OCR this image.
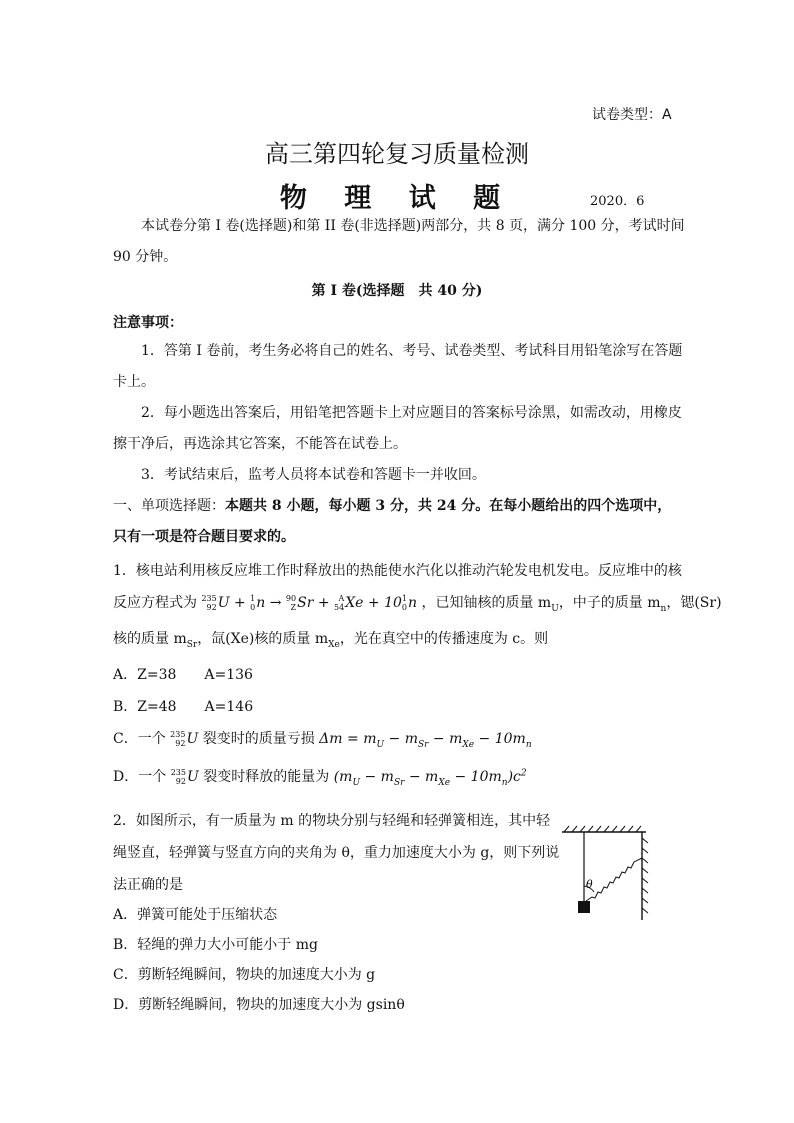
试卷类型：A
高三第四轮复习质量检测
物 理 试 题	2020．6
本试卷分第 I 卷(选择题)和第 II 卷(非选择题)两部分，共 8 页，满分 100 分，考试时间 90 分钟。
第 I 卷(选择题　共 40 分)
注意事项：
1．答第 I 卷前，考生务必将自己的姓名、考号、试卷类型、考试科目用铅笔涂写在答题卡上。
2．每小题选出答案后，用铅笔把答题卡上对应题目的答案标号涂黑，如需改动，用橡皮擦干净后，再选涂其它答案，不能答在试卷上。
3．考试结束后，监考人员将本试卷和答题卡一并收回。
一、单项选择题：本题共 8 小题，每小题 3 分，共 24 分。在每小题给出的四个选项中，只有一项是符合题目要求的。
1．核电站利用核反应堆工作时释放出的热能使水汽化以推动汽轮发电机发电。反应堆中的核
反应方程式为 235
92U + 1
0n → 90
ZSr + A
54Xe + 101
0n ，已知铀核的质量 $m_U$，中子的质量 $m_n$，锶(Sr)
核的质量 $m_{Sr}$，氙(Xe)核的质量 $m_{Xe}$，光在真空中的传播速度为 c。则
A．Z=38　　A=136
B．Z=48　　A=146
C．一个 235
92U 裂变时的质量亏损 $\Delta m = m_U - m_{Sr} - m_{Xe} - 10m_n$
D．一个 235
92U 裂变时释放的能量为 $(m_U - m_{Sr} - m_{Xe} - 10m_n)c^2$
2．如图所示，有一质量为 m 的物块分别与轻绳和轻弹簧相连，其中轻
绳竖直，轻弹簧与竖直方向的夹角为 θ，重力加速度大小为 g，则下列说
法正确的是
A．弹簧可能处于压缩状态
B．轻绳的弹力大小可能小于 mg
C．剪断轻绳瞬间，物块的加速度大小为 g
D．剪断轻绳瞬间，物块的加速度大小为 gsinθ
θ
